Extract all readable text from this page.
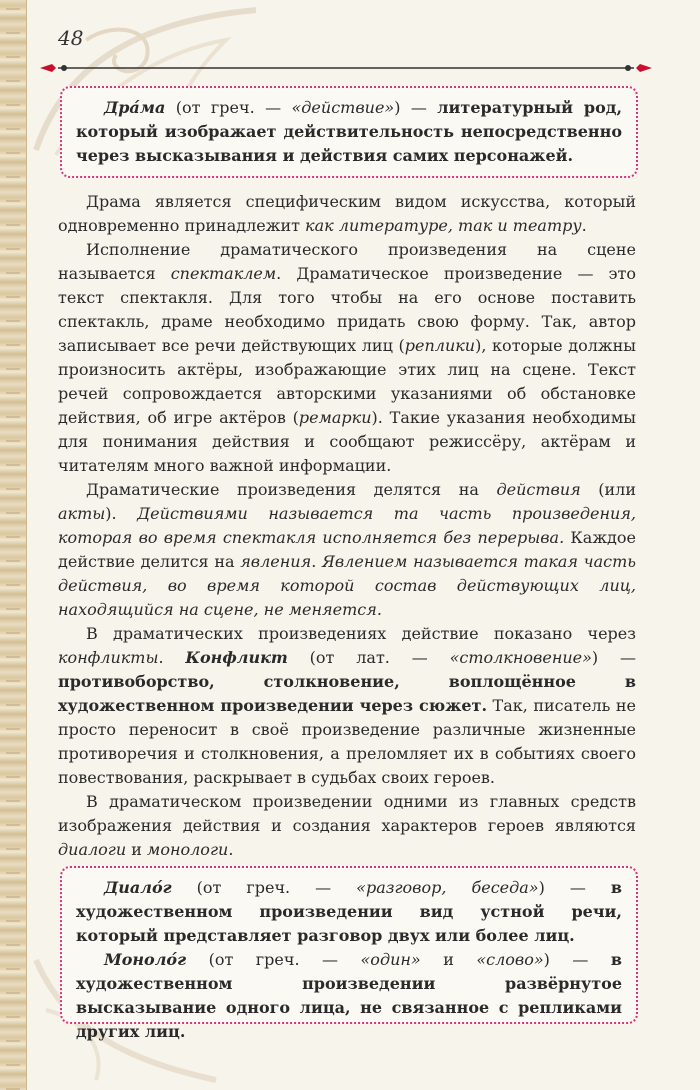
48

Дра́ма (от греч. — «действие») — литературный род, который изображает действительность непосредственно через высказывания и действия самих персонажей.

Драма является специфическим видом искусства, который одновременно принадлежит как литературе, так и театру.

Исполнение драматического произведения на сцене называется спектаклем. Драматическое произведение — это текст спектакля. Для того чтобы на его основе поставить спектакль, драме необходимо придать свою форму. Так, автор записывает все речи действующих лиц (реплики), которые должны произносить актёры, изображающие этих лиц на сцене. Текст речей сопровождается авторскими указаниями об обстановке действия, об игре актёров (ремарки). Такие указания необходимы для понимания действия и сообщают режиссёру, актёрам и читателям много важной информации.

Драматические произведения делятся на действия (или акты). Действиями называется та часть произведения, которая во время спектакля исполняется без перерыва. Каждое действие делится на явления. Явлением называется такая часть действия, во время которой состав действующих лиц, находящийся на сцене, не меняется.

В драматических произведениях действие показано через конфликты. Конфликт (от лат. — «столкновение») — противоборство, столкновение, воплощённое в художественном произведении через сюжет. Так, писатель не просто переносит в своё произведение различные жизненные противоречия и столкновения, а преломляет их в событиях своего повествования, раскрывает в судьбах своих героев.

В драматическом произведении одними из главных средств изображения действия и создания характеров героев являются диалоги и монологи.

Диало́г (от греч. — «разговор, беседа») — в художественном произведении вид устной речи, который представляет разговор двух или более лиц.

Моноло́г (от греч. — «один» и «слово») — в художественном произведении развёрнутое высказывание одного лица, не связанное с репликами других лиц.
